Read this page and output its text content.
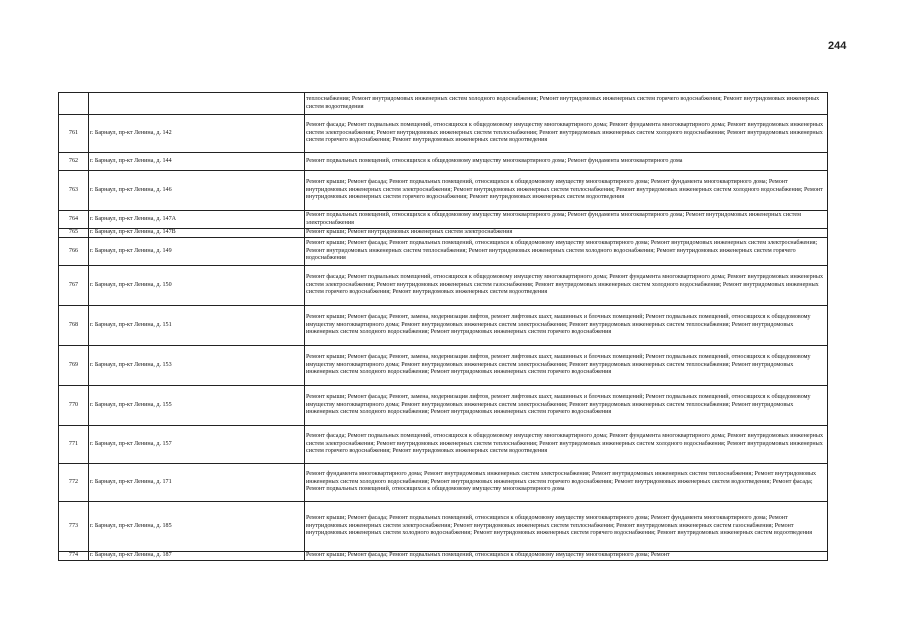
244
		теплоснабжения; Ремонт внутридомовых инженерных систем холодного водоснабжения; Ремонт внутридомовых инженерных систем горячего водоснабжения; Ремонт внутридомовых инженерных систем водоотведения
761	г. Барнаул, пр-кт Ленина, д. 142	Ремонт фасада; Ремонт подвальных помещений, относящихся к общедомовому имуществу многоквартирного дома; Ремонт фундамента многоквартирного дома; Ремонт внутридомовых инженерных систем электроснабжения; Ремонт внутридомовых инженерных систем теплоснабжения; Ремонт внутридомовых инженерных систем холодного водоснабжения; Ремонт внутридомовых инженерных систем горячего водоснабжения; Ремонт внутридомовых инженерных систем водоотведения
762	г. Барнаул, пр-кт Ленина, д. 144	Ремонт подвальных помещений, относящихся к общедомовому имуществу многоквартирного дома; Ремонт фундамента многоквартирного дома
763	г. Барнаул, пр-кт Ленина, д. 146	Ремонт крыши; Ремонт фасада; Ремонт подвальных помещений, относящихся к общедомовому имуществу многоквартирного дома; Ремонт фундамента многоквартирного дома; Ремонт внутридомовых инженерных систем электроснабжения; Ремонт внутридомовых инженерных систем теплоснабжения; Ремонт внутридомовых инженерных систем холодного водоснабжения; Ремонт внутридомовых инженерных систем горячего водоснабжения; Ремонт внутридомовых инженерных систем водоотведения
764	г. Барнаул, пр-кт Ленина, д. 147А	Ремонт подвальных помещений, относящихся к общедомовому имуществу многоквартирного дома; Ремонт фундамента многоквартирного дома; Ремонт внутридомовых инженерных систем электроснабжения
765	г. Барнаул, пр-кт Ленина, д. 147В	Ремонт крыши; Ремонт внутридомовых инженерных систем электроснабжения
766	г. Барнаул, пр-кт Ленина, д. 149	Ремонт крыши; Ремонт фасада; Ремонт подвальных помещений, относящихся к общедомовому имуществу многоквартирного дома; Ремонт внутридомовых инженерных систем электроснабжения; Ремонт внутридомовых инженерных систем теплоснабжения; Ремонт внутридомовых инженерных систем холодного водоснабжения; Ремонт внутридомовых инженерных систем горячего водоснабжения
767	г. Барнаул, пр-кт Ленина, д. 150	Ремонт фасада; Ремонт подвальных помещений, относящихся к общедомовому имуществу многоквартирного дома; Ремонт фундамента многоквартирного дома; Ремонт внутридомовых инженерных систем электроснабжения; Ремонт внутридомовых инженерных систем газоснабжения; Ремонт внутридомовых инженерных систем холодного водоснабжения; Ремонт внутридомовых инженерных систем горячего водоснабжения; Ремонт внутридомовых инженерных систем водоотведения
768	г. Барнаул, пр-кт Ленина, д. 151	Ремонт крыши; Ремонт фасада; Ремонт, замена, модернизация лифтов, ремонт лифтовых шахт, машинных и блочных помещений; Ремонт подвальных помещений, относящихся к общедомовому имуществу многоквартирного дома; Ремонт внутридомовых инженерных систем электроснабжения; Ремонт внутридомовых инженерных систем теплоснабжения; Ремонт внутридомовых инженерных систем холодного водоснабжения; Ремонт внутридомовых инженерных систем горячего водоснабжения
769	г. Барнаул, пр-кт Ленина, д. 153	Ремонт крыши; Ремонт фасада; Ремонт, замена, модернизация лифтов, ремонт лифтовых шахт, машинных и блочных помещений; Ремонт подвальных помещений, относящихся к общедомовому имуществу многоквартирного дома; Ремонт внутридомовых инженерных систем электроснабжения; Ремонт внутридомовых инженерных систем теплоснабжения; Ремонт внутридомовых инженерных систем холодного водоснабжения; Ремонт внутридомовых инженерных систем горячего водоснабжения
770	г. Барнаул, пр-кт Ленина, д. 155	Ремонт крыши; Ремонт фасада; Ремонт, замена, модернизация лифтов, ремонт лифтовых шахт, машинных и блочных помещений; Ремонт подвальных помещений, относящихся к общедомовому имуществу многоквартирного дома; Ремонт внутридомовых инженерных систем электроснабжения; Ремонт внутридомовых инженерных систем теплоснабжения; Ремонт внутридомовых инженерных систем холодного водоснабжения; Ремонт внутридомовых инженерных систем горячего водоснабжения
771	г. Барнаул, пр-кт Ленина, д. 157	Ремонт фасада; Ремонт подвальных помещений, относящихся к общедомовому имуществу многоквартирного дома; Ремонт фундамента многоквартирного дома; Ремонт внутридомовых инженерных систем электроснабжения; Ремонт внутридомовых инженерных систем теплоснабжения; Ремонт внутридомовых инженерных систем холодного водоснабжения; Ремонт внутридомовых инженерных систем горячего водоснабжения; Ремонт внутридомовых инженерных систем водоотведения
772	г. Барнаул, пр-кт Ленина, д. 171	Ремонт фундамента многоквартирного дома; Ремонт внутридомовых инженерных систем электроснабжения; Ремонт внутридомовых инженерных систем теплоснабжения; Ремонт внутридомовых инженерных систем холодного водоснабжения; Ремонт внутридомовых инженерных систем горячего водоснабжения; Ремонт внутридомовых инженерных систем водоотведения; Ремонт фасада; Ремонт подвальных помещений, относящихся к общедомовому имуществу многоквартирного дома
773	г. Барнаул, пр-кт Ленина, д. 185	Ремонт крыши; Ремонт фасада; Ремонт подвальных помещений, относящихся к общедомовому имуществу многоквартирного дома; Ремонт фундамента многоквартирного дома; Ремонт внутридомовых инженерных систем электроснабжения; Ремонт внутридомовых инженерных систем теплоснабжения; Ремонт внутридомовых инженерных систем газоснабжения; Ремонт внутридомовых инженерных систем холодного водоснабжения; Ремонт внутридомовых инженерных систем горячего водоснабжения; Ремонт внутридомовых инженерных систем водоотведения
774	г. Барнаул, пр-кт Ленина, д. 187	Ремонт крыши; Ремонт фасада; Ремонт подвальных помещений, относящихся к общедомовому имуществу многоквартирного дома; Ремонт
